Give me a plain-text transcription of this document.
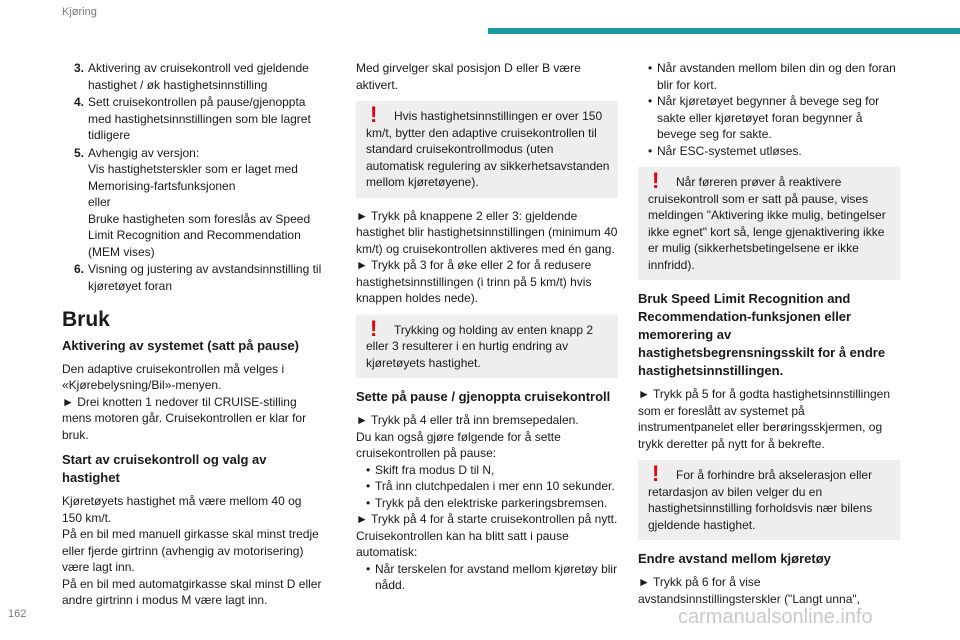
Kjøring
3. Aktivering av cruisekontroll ved gjeldende hastighet / øk hastighetsinnstilling
4. Sett cruisekontrollen på pause/gjenoppta med hastighetsinnstillingen som ble lagret tidligere
5. Avhengig av versjon:
Vis hastighetsterskler som er laget med Memorising-fartsfunksjonen
eller
Bruke hastigheten som foreslås av Speed Limit Recognition and Recommendation (MEM vises)
6. Visning og justering av avstandsinnstilling til kjøretøyet foran
Bruk
Aktivering av systemet (satt på pause)

Den adaptive cruisekontrollen må velges i «Kjørebelysning/Bil»-menyen.
► Drei knotten 1 nedover til CRUISE-stilling mens motoren går. Cruisekontrollen er klar for bruk.

Start av cruisekontroll og valg av hastighet

Kjøretøyets hastighet må være mellom 40 og 150 km/t.
På en bil med manuell girkasse skal minst tredje eller fjerde girtrinn (avhengig av motorisering) være lagt inn.
På en bil med automatgirkasse skal minst D eller andre girtrinn i modus M være lagt inn.

Med girvelger skal posisjon D eller B være aktivert.

!	Hvis hastighetsinnstillingen er over 150 km/t, bytter den adaptive cruisekontrollen til standard cruisekontrollmodus (uten automatisk regulering av sikkerhetsavstanden mellom kjøretøyene).

► Trykk på knappene 2 eller 3: gjeldende hastighet blir hastighetsinnstillingen (minimum 40 km/t) og cruisekontrollen aktiveres med én gang.
► Trykk på 3 for å øke eller 2 for å redusere hastighetsinnstillingen (i trinn på 5 km/t) hvis knappen holdes nede).

!	Trykking og holding av enten knapp 2 eller 3 resulterer i en hurtig endring av kjøretøyets hastighet.
Sette på pause / gjenoppta cruisekontroll

► Trykk på 4 eller trå inn bremsepedalen.
Du kan også gjøre følgende for å sette cruisekontrollen på pause:

• Skift fra modus D til N,
• Trå inn clutchpedalen i mer enn 10 sekunder.
• Trykk på den elektriske parkeringsbremsen.

► Trykk på 4 for å starte cruisekontrollen på nytt. Cruisekontrollen kan ha blitt satt i pause automatisk:

• Når terskelen for avstand mellom kjøretøy blir nådd.
• Når avstanden mellom bilen din og den foran blir for kort.
• Når kjøretøyet begynner å bevege seg for sakte eller kjøretøyet foran begynner å bevege seg for sakte.
• Når ESC-systemet utløses.
!	Når føreren prøver å reaktivere cruisekontroll som er satt på pause, vises meldingen "Aktivering ikke mulig, betingelser ikke egnet" kort så, lenge gjenaktivering ikke er mulig (sikkerhetsbetingelsene er ikke innfridd).
Bruk Speed Limit Recognition and Recommendation-funksjonen eller memorering av hastighetsbegrensningsskilt for å endre hastighetsinnstillingen.

► Trykk på 5 for å godta hastighetsinnstillingen som er foreslått av systemet på instrumentpanelet eller berøringsskjermen, og trykk deretter på nytt for å bekrefte.

!	For å forhindre brå akselerasjon eller retardasjon av bilen velger du en hastighetsinnstilling forholdsvis nær bilens gjeldende hastighet.
Endre avstand mellom kjøretøy

► Trykk på 6 for å vise avstandsinnstillingsterskler ("Langt unna",

162	carmanualsonline.info
